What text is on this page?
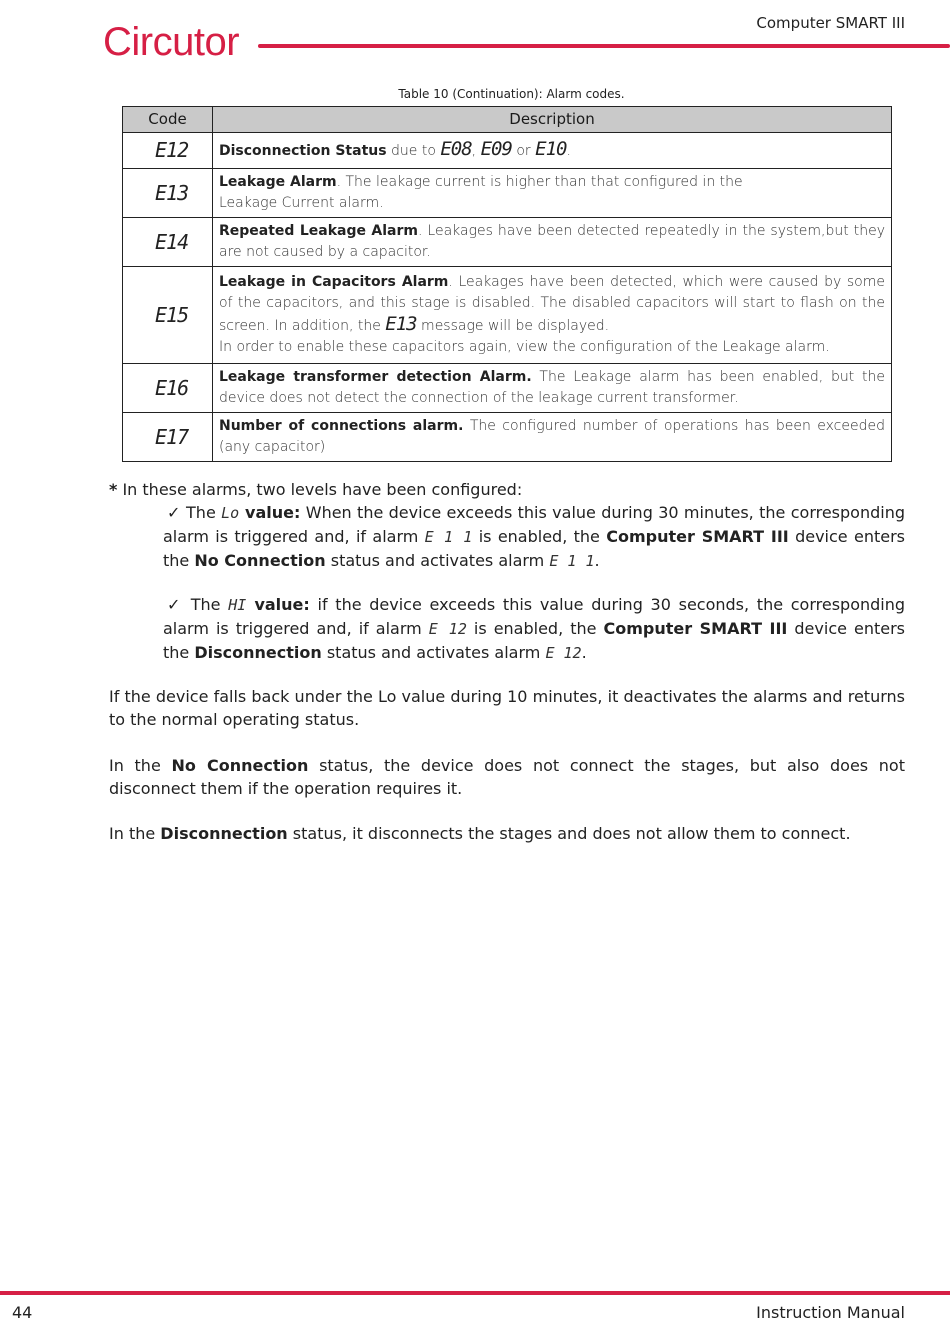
Circutor	Computer SMART III
Table 10 (Continuation): Alarm codes.
Code	Description
E12	Disconnection Status due to E08, E09 or E10.
E13	Leakage Alarm. The leakage current is higher than that configured in the
Leakage Current alarm.
E14	Repeated Leakage Alarm. Leakages have been detected repeatedly in the system,but they are not caused by a capacitor.
E15	Leakage in Capacitors Alarm. Leakages have been detected, which were caused by some of the capacitors, and this stage is disabled. The disabled capacitors will start to flash on the screen. In addition, the E13 message will be displayed.
In order to enable these capacitors again, view the configuration of the Leakage alarm.
E16	Leakage transformer detection Alarm. The Leakage alarm has been enabled, but the device does not detect the connection of the leakage current transformer.
E17	Number of connections alarm. The configured number of operations has been exceeded (any capacitor)
* In these alarms, two levels have been configured:
✓ The Lo value: When the device exceeds this value during 30 minutes, the corresponding alarm is triggered and, if alarm E 1 1 is enabled, the Computer SMART III device enters the No Connection status and activates alarm E 1 1.
✓ The HI value: if the device exceeds this value during 30 seconds, the corresponding alarm is triggered and, if alarm E 12 is enabled, the Computer SMART III device enters the Disconnection status and activates alarm E 12.
If the device falls back under the Lo value during 10 minutes, it deactivates the alarms and returns to the normal operating status.
In the No Connection status, the device does not connect the stages, but also does not disconnect them if the operation requires it.
In the Disconnection status, it disconnects the stages and does not allow them to connect.
44	Instruction Manual
